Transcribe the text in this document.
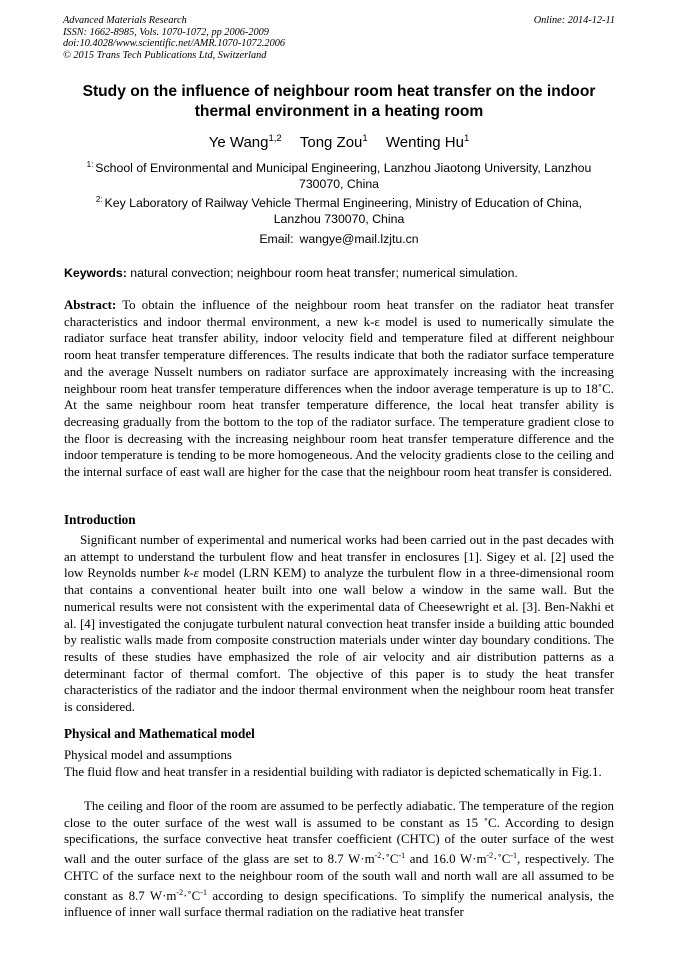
Advanced Materials Research
ISSN: 1662-8985, Vols. 1070-1072, pp 2006-2009
doi:10.4028/www.scientific.net/AMR.1070-1072.2006
© 2015 Trans Tech Publications Ltd, Switzerland
Online: 2014-12-11
Study on the influence of neighbour room heat transfer on the indoor thermal environment in a heating room
Ye Wang$^{1,2}$ Tong Zou$^1$ Wenting Hu$^1$
$^{1:}$ School of Environmental and Municipal Engineering, Lanzhou Jiaotong University, Lanzhou 730070, China
$^{2:}$ Key Laboratory of Railway Vehicle Thermal Engineering, Ministry of Education of China, Lanzhou 730070, China
Email: wangye@mail.lzjtu.cn
Keywords: natural convection; neighbour room heat transfer; numerical simulation.
Abstract: To obtain the influence of the neighbour room heat transfer on the radiator heat transfer characteristics and indoor thermal environment, a new k-ε model is used to numerically simulate the radiator surface heat transfer ability, indoor velocity field and temperature filed at different neighbour room heat transfer temperature differences. The results indicate that both the radiator surface temperature and the average Nusselt numbers on radiator surface are approximately increasing with the increasing neighbour room heat transfer temperature differences when the indoor average temperature is up to 18˚C. At the same neighbour room heat transfer temperature difference, the local heat transfer ability is decreasing gradually from the bottom to the top of the radiator surface. The temperature gradient close to the floor is decreasing with the increasing neighbour room heat transfer temperature difference and the indoor temperature is tending to be more homogeneous. And the velocity gradients close to the ceiling and the internal surface of east wall are higher for the case that the neighbour room heat transfer is considered.
Introduction
Significant number of experimental and numerical works had been carried out in the past decades with an attempt to understand the turbulent flow and heat transfer in enclosures [1]. Sigey et al. [2] used the low Reynolds number k-ε model (LRN KEM) to analyze the turbulent flow in a three-dimensional room that contains a conventional heater built into one wall below a window in the same wall. But the numerical results were not consistent with the experimental data of Cheesewright et al. [3]. Ben-Nakhi et al. [4] investigated the conjugate turbulent natural convection heat transfer inside a building attic bounded by realistic walls made from composite construction materials under winter day boundary conditions. The results of these studies have emphasized the role of air velocity and air distribution patterns as a determinant factor of thermal comfort. The objective of this paper is to study the heat transfer characteristics of the radiator and the indoor thermal environment when the neighbour room heat transfer is considered.
Physical and Mathematical model
Physical model and assumptions
The fluid flow and heat transfer in a residential building with radiator is depicted schematically in Fig.1.
The ceiling and floor of the room are assumed to be perfectly adiabatic. The temperature of the region close to the outer surface of the west wall is assumed to be constant as 15 ˚C. According to design specifications, the surface convective heat transfer coefficient (CHTC) of the outer surface of the west wall and the outer surface of the glass are set to 8.7 $W\cdot m^{-2}\cdot˚C^{-1}$ and 16.0 $W\cdot m^{-2}\cdot˚C^{-1}$, respectively. The CHTC of the surface next to the neighbour room of the south wall and north wall are all assumed to be constant as 8.7 $W\cdot m^{-2}\cdot˚C^{-1}$ according to design specifications. To simplify the numerical analysis, the influence of inner wall surface thermal radiation on the radiative heat transfer
